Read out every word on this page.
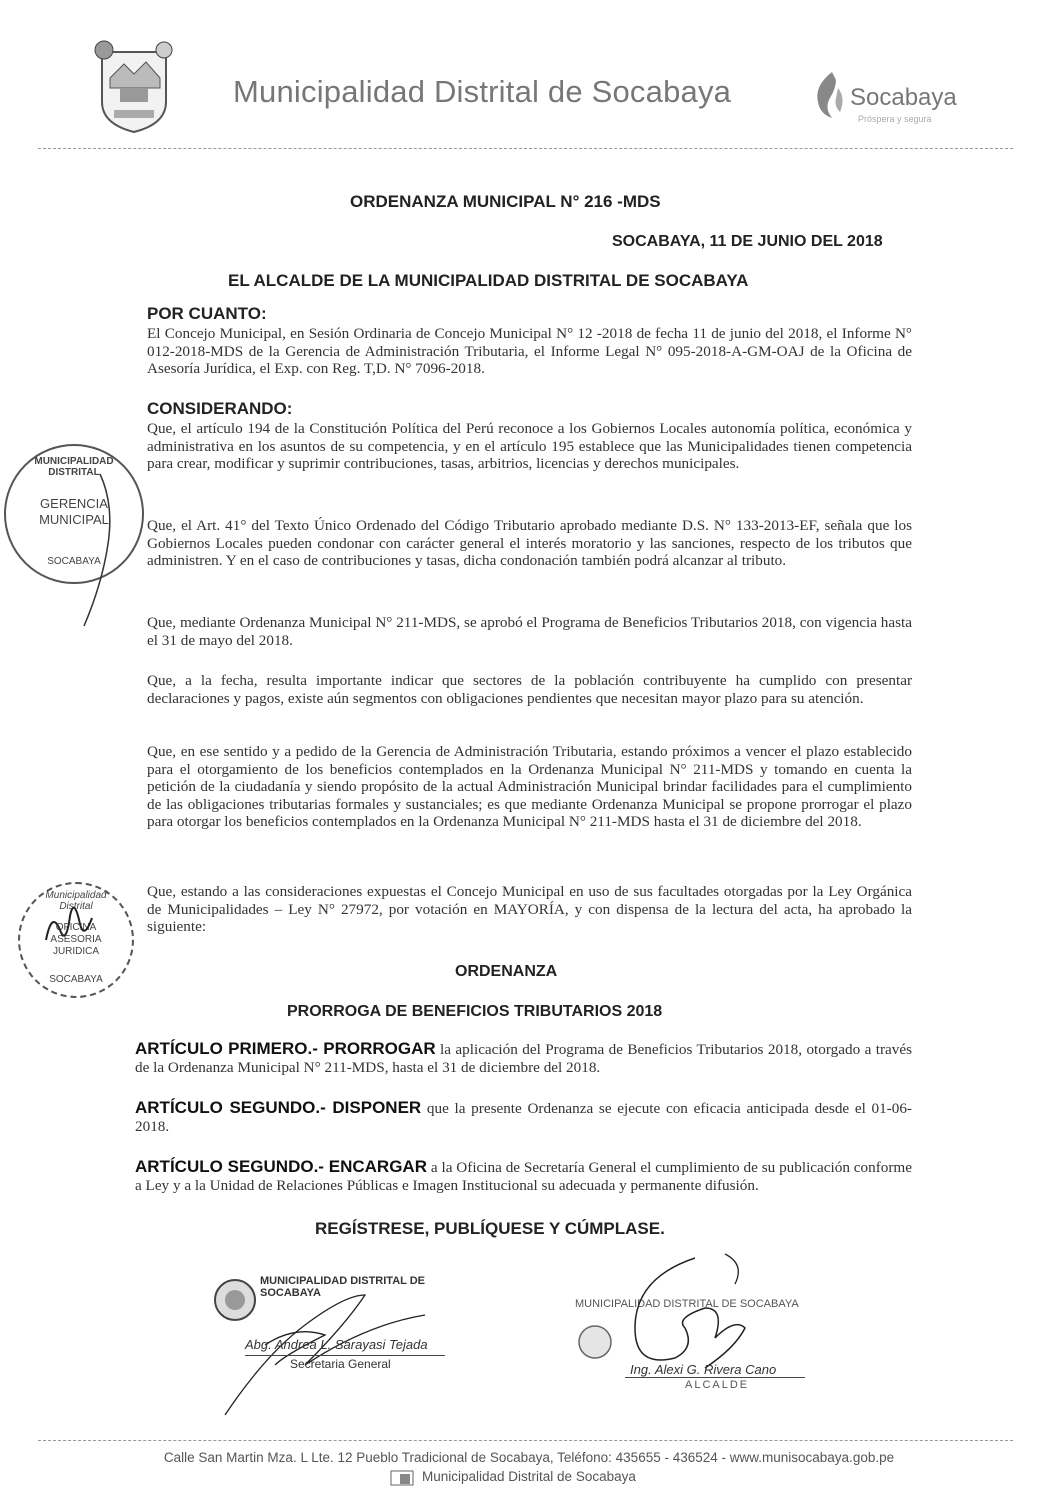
Municipalidad Distrital de Socabaya	Socabaya
Próspera y segura
ORDENANZA MUNICIPAL N° 216 -MDS
SOCABAYA, 11 DE JUNIO DEL 2018
EL ALCALDE DE LA MUNICIPALIDAD DISTRITAL DE SOCABAYA
POR CUANTO:
El Concejo Municipal, en Sesión Ordinaria de Concejo Municipal N° 12 -2018 de fecha 11 de junio del 2018, el Informe N° 012-2018-MDS de la Gerencia de Administración Tributaria, el Informe Legal N° 095-2018-A-GM-OAJ de la Oficina de Asesoría Jurídica, el Exp. con Reg. T,D. N° 7096-2018.
CONSIDERANDO:
Que, el artículo 194 de la Constitución Política del Perú reconoce a los Gobiernos Locales autonomía política, económica y administrativa en los asuntos de su competencia, y en el artículo 195 establece que las Municipalidades tienen competencia para crear, modificar y suprimir contribuciones, tasas, arbitrios, licencias y derechos municipales.
Que, el Art. 41° del Texto Único Ordenado del Código Tributario aprobado mediante D.S. N° 133-2013-EF, señala que los Gobiernos Locales pueden condonar con carácter general el interés moratorio y las sanciones, respecto de los tributos que administren. Y en el caso de contribuciones y tasas, dicha condonación también podrá alcanzar al tributo.
Que, mediante Ordenanza Municipal N° 211-MDS, se aprobó el Programa de Beneficios Tributarios 2018, con vigencia hasta el 31 de mayo del 2018.
Que, a la fecha, resulta importante indicar que sectores de la población contribuyente ha cumplido con presentar declaraciones y pagos, existe aún segmentos con obligaciones pendientes que necesitan mayor plazo para su atención.
Que, en ese sentido y a pedido de la Gerencia de Administración Tributaria, estando próximos a vencer el plazo establecido para el otorgamiento de los beneficios contemplados en la Ordenanza Municipal N° 211-MDS y tomando en cuenta la petición de la ciudadanía y siendo propósito de la actual Administración Municipal brindar facilidades para el cumplimiento de las obligaciones tributarias formales y sustanciales; es que mediante Ordenanza Municipal se propone prorrogar el plazo para otorgar los beneficios contemplados en la Ordenanza Municipal N° 211-MDS hasta el 31 de diciembre del 2018.
Que, estando a las consideraciones expuestas el Concejo Municipal en uso de sus facultades otorgadas por la Ley Orgánica de Municipalidades – Ley N° 27972, por votación en MAYORÍA, y con dispensa de la lectura del acta, ha aprobado la siguiente:
ORDENANZA
PRORROGA DE BENEFICIOS TRIBUTARIOS 2018
ARTÍCULO PRIMERO.- PRORROGAR la aplicación del Programa de Beneficios Tributarios 2018, otorgado a través de la Ordenanza Municipal N° 211-MDS, hasta el 31 de diciembre del 2018.
ARTÍCULO SEGUNDO.- DISPONER que la presente Ordenanza se ejecute con eficacia anticipada desde el 01-06-2018.
ARTÍCULO SEGUNDO.- ENCARGAR a la Oficina de Secretaría General el cumplimiento de su publicación conforme a Ley y a la Unidad de Relaciones Públicas e Imagen Institucional su adecuada y permanente difusión.
REGÍSTRESE, PUBLÍQUESE Y CÚMPLASE.
MUNICIPALIDAD DISTRITAL
GERENCIA
MUNICIPAL
SOCABAYA
Municipalidad Distrital
OFICINA
ASESORIA
JURIDICA
SOCABAYA
MUNICIPALIDAD DISTRITAL DE SOCABAYA
Abg. Andrea L. Sarayasi Tejada
Secretaria General
MUNICIPALIDAD DISTRITAL DE SOCABAYA
Ing. Alexi G. Rivera Cano
ALCALDE
Calle San Martin Mza. L Lte. 12 Pueblo Tradicional de Socabaya, Teléfono: 435655 - 436524 - www.munisocabaya.gob.pe
Municipalidad Distrital de Socabaya
